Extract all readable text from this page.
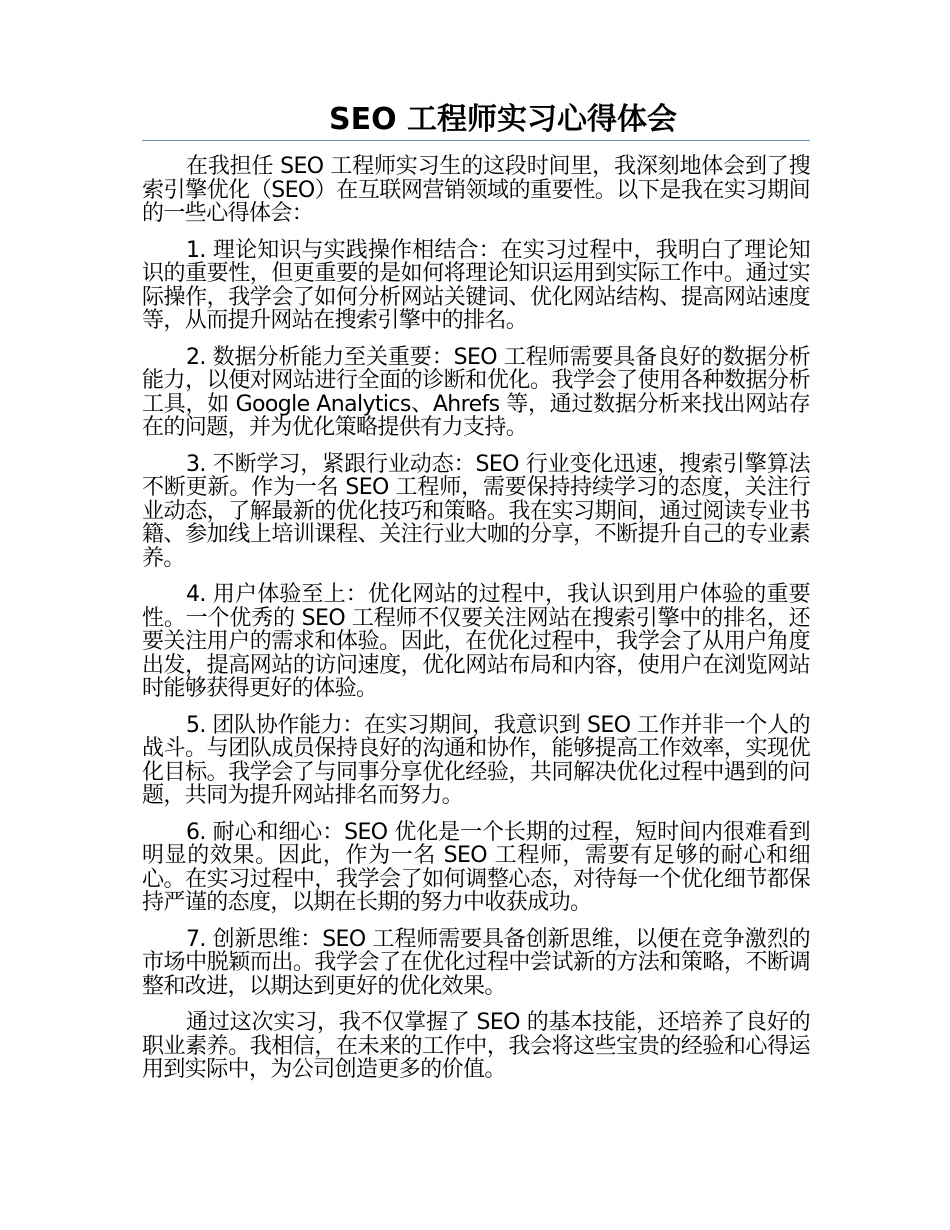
SEO 工程师实习心得体会

在我担任 SEO 工程师实习生的这段时间里，我深刻地体会到了搜索引擎优化（SEO）在互联网营销领域的重要性。以下是我在实习期间的一些心得体会：

1. 理论知识与实践操作相结合：在实习过程中，我明白了理论知识的重要性，但更重要的是如何将理论知识运用到实际工作中。通过实际操作，我学会了如何分析网站关键词、优化网站结构、提高网站速度等，从而提升网站在搜索引擎中的排名。

2. 数据分析能力至关重要：SEO 工程师需要具备良好的数据分析能力，以便对网站进行全面的诊断和优化。我学会了使用各种数据分析工具，如 Google Analytics、Ahrefs 等，通过数据分析来找出网站存在的问题，并为优化策略提供有力支持。

3. 不断学习，紧跟行业动态：SEO 行业变化迅速，搜索引擎算法不断更新。作为一名 SEO 工程师，需要保持持续学习的态度，关注行业动态，了解最新的优化技巧和策略。我在实习期间，通过阅读专业书籍、参加线上培训课程、关注行业大咖的分享，不断提升自己的专业素养。

4. 用户体验至上：优化网站的过程中，我认识到用户体验的重要性。一个优秀的 SEO 工程师不仅要关注网站在搜索引擎中的排名，还要关注用户的需求和体验。因此，在优化过程中，我学会了从用户角度出发，提高网站的访问速度，优化网站布局和内容，使用户在浏览网站时能够获得更好的体验。

5. 团队协作能力：在实习期间，我意识到 SEO 工作并非一个人的战斗。与团队成员保持良好的沟通和协作，能够提高工作效率，实现优化目标。我学会了与同事分享优化经验，共同解决优化过程中遇到的问题，共同为提升网站排名而努力。

6. 耐心和细心：SEO 优化是一个长期的过程，短时间内很难看到明显的效果。因此，作为一名 SEO 工程师，需要有足够的耐心和细心。在实习过程中，我学会了如何调整心态，对待每一个优化细节都保持严谨的态度，以期在长期的努力中收获成功。

7. 创新思维：SEO 工程师需要具备创新思维，以便在竞争激烈的市场中脱颖而出。我学会了在优化过程中尝试新的方法和策略，不断调整和改进，以期达到更好的优化效果。

通过这次实习，我不仅掌握了 SEO 的基本技能，还培养了良好的职业素养。我相信，在未来的工作中，我会将这些宝贵的经验和心得运用到实际中，为公司创造更多的价值。
